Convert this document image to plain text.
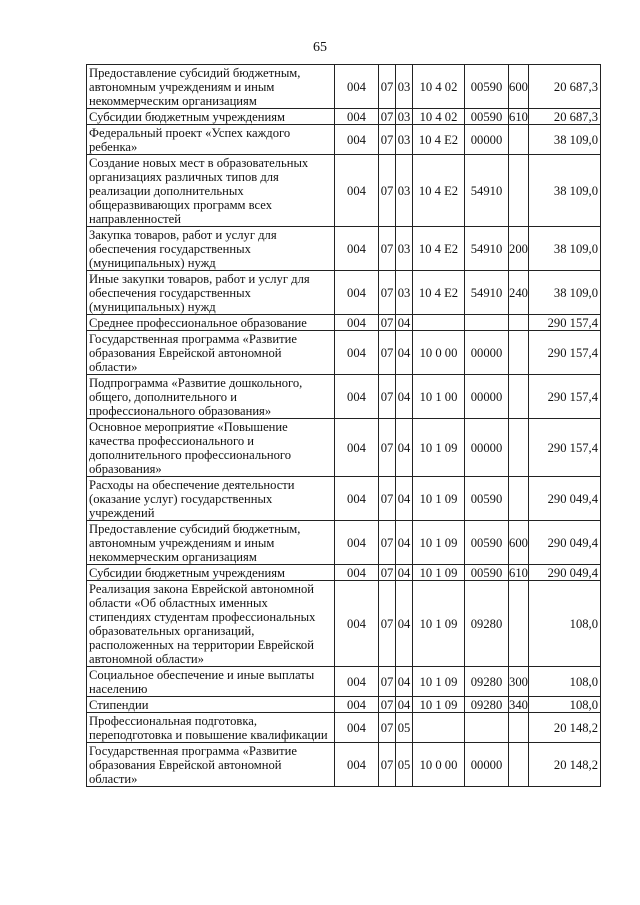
65
Предоставление субсидий бюджетным, автономным учреждениям и иным некоммерческим организациям	004	07	03	10 4 02	00590	600	20 687,3
Субсидии бюджетным учреждениям	004	07	03	10 4 02	00590	610	20 687,3
Федеральный проект «Успех каждого ребенка»	004	07	03	10 4 E2	00000		38 109,0
Создание новых мест в образовательных организациях различных типов для реализации дополнительных общеразвивающих программ всех направленностей	004	07	03	10 4 E2	54910		38 109,0
Закупка товаров, работ и услуг для обеспечения государственных (муниципальных) нужд	004	07	03	10 4 E2	54910	200	38 109,0
Иные закупки товаров, работ и услуг для обеспечения государственных (муниципальных) нужд	004	07	03	10 4 E2	54910	240	38 109,0
Среднее профессиональное образование	004	07	04				290 157,4
Государственная программа «Развитие образования Еврейской автономной области»	004	07	04	10 0 00	00000		290 157,4
Подпрограмма «Развитие дошкольного, общего, дополнительного и профессионального образования»	004	07	04	10 1 00	00000		290 157,4
Основное мероприятие «Повышение качества профессионального и дополнительного профессионального образования»	004	07	04	10 1 09	00000		290 157,4
Расходы на обеспечение деятельности (оказание услуг) государственных учреждений	004	07	04	10 1 09	00590		290 049,4
Предоставление субсидий бюджетным, автономным учреждениям и иным некоммерческим организациям	004	07	04	10 1 09	00590	600	290 049,4
Субсидии бюджетным учреждениям	004	07	04	10 1 09	00590	610	290 049,4
Реализация закона Еврейской автономной области «Об областных именных стипендиях студентам профессиональных образовательных организаций, расположенных на территории Еврейской автономной области»	004	07	04	10 1 09	09280		108,0
Социальное обеспечение и иные выплаты населению	004	07	04	10 1 09	09280	300	108,0
Стипендии	004	07	04	10 1 09	09280	340	108,0
Профессиональная подготовка, переподготовка и повышение квалификации	004	07	05				20 148,2
Государственная программа «Развитие образования Еврейской автономной области»	004	07	05	10 0 00	00000		20 148,2
